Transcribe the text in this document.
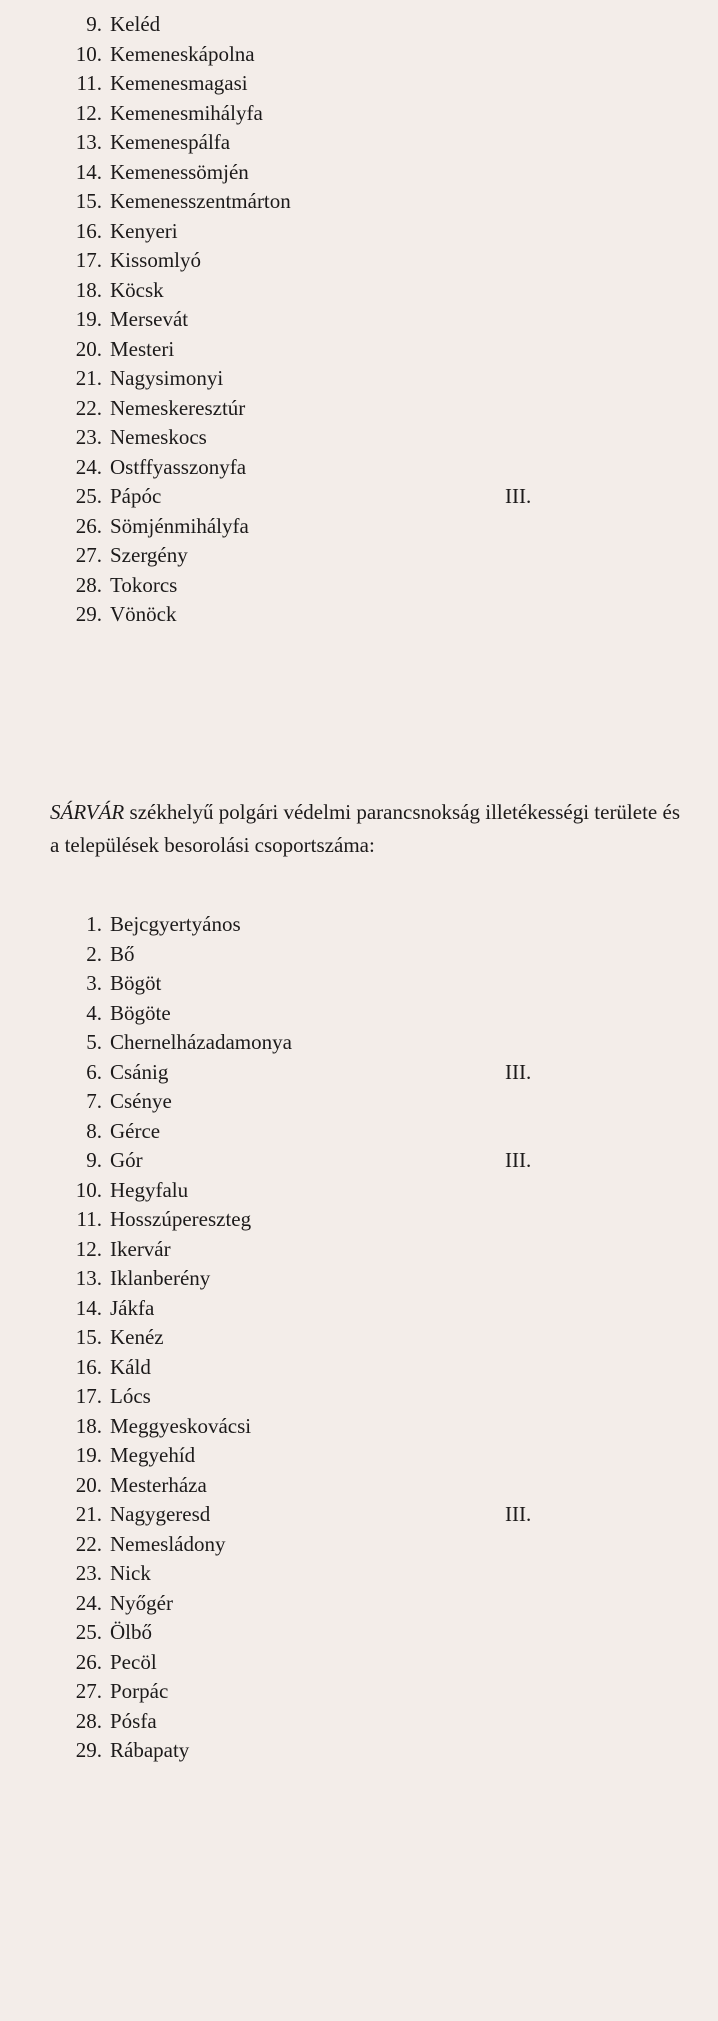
9. Keléd
10. Kemeneskápolna
11. Kemenesmagasi
12. Kemenesmihályfa
13. Kemenespálfa
14. Kemenessömjén
15. Kemenesszentmárton
16. Kenyeri
17. Kissomlyó
18. Köcsk
19. Mersevát
20. Mesteri
21. Nagysimonyi
22. Nemeskeresztúr
23. Nemeskocs
24. Ostffyasszonyfa
25. Pápóc	III.
26. Sömjénmihályfa
27. Szergény
28. Tokorcs
29. Vönöck

SÁRVÁR székhelyű polgári védelmi parancsnokság illetékességi területe és a települések besorolási csoportszáma:

1. Bejcgyertyános
2. Bő
3. Bögöt
4. Bögöte
5. Chernelházadamonya
6. Csánig	III.
7. Csénye
8. Gérce
9. Gór	III.
10. Hegyfalu
11. Hosszúpereszteg
12. Ikervár
13. Iklanberény
14. Jákfa
15. Kenéz
16. Káld
17. Lócs
18. Meggyeskovácsi
19. Megyehíd
20. Mesterháza
21. Nagygeresd	III.
22. Nemesládony
23. Nick
24. Nyőgér
25. Ölbő
26. Pecöl
27. Porpác
28. Pósfa
29. Rábapaty
